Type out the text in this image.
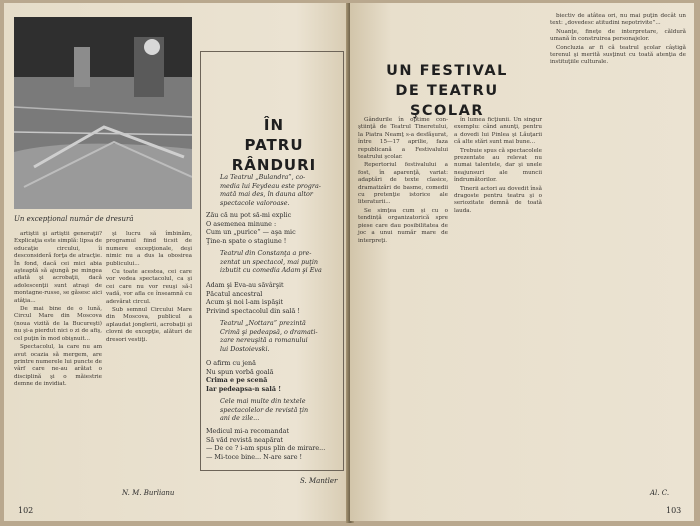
Un excepţional număr de dresură

artiştii şi artiştii generaţii? Explicaţia este simplă: lipsa de educaţie circului, îi desconsideră forţa de atracţie. În fond, dacă cei mici abia aşteaptă să ajungă pe mingea aflată şi acrobaţii, dacă adolescenţii sunt atraşi de montagne-russe, se găsesc aici atâţia...

De mai bine de o lună, Circul Mare din Moscova (noua vizită de la Bucureşti) nu şi-a pierdut nici o zi de afiş, cel puţin în mod obişnuit...

Spectacolul, la care nu am avut ocazia să mergem, are printre numerele lui puncte de vârf care ne-au arătat o disciplină şi o măiestrie demne de invidiat.

şi lucru să îmbinăm, programul fiind ticsit de numere excepţionale, deşi nimic nu a dus la obosirea publicului...

Cu toate acestea, cei care vor vedea spectacolul, ca şi cei care nu vor reuşi să-l vadă, vor afla ce înseamnă cu adevărat circul.

Sub semnul Circului Mare din Moscova, publicul a aplaudat jonglerii, acrobaţii şi clovni de excepţie, alături de dresori vestiţi.

N. M. Burlianu
102
ÎN
PATRU RÂNDURI
La Teatrul „Bulandra”, co-
media lui Feydeau este progra-
mată mai des, în dauna altor
spectacole valoroase.
Zău că nu pot să-mi explic
O asemenea minune :
Cum un „purice” — aşa mic
Ţine-n spate o stagiune !
Teatrul din Constanţa a pre-
zentat un spectacol, mai puţin
izbutit cu comedia Adam şi Eva
Adam şi Eva-au săvârşit
Păcatul ancestral
Acum şi noi l-am ispăşit
Privind spectacolul din sală !
Teatrul „Nottara” prezintă
Crimă şi pedeapsă, o dramati-
zare nereuşită a romanului
lui Dostoievski.
O afirm cu jenă
Nu spun vorbă goală
Crima e pe scenă
Iar pedeapsa-n sală !
Cele mai multe din textele
spectacolelor de revistă ţin
ani de zile...
Medicul mi-a recomandat
Să văd revistă neapărat
— De ce ? i-am spus plin de mirare...
— Mi-toce bine... N-are sare !
S. Mantler
UN FESTIVAL
DE TEATRU ŞCOLAR

Gândurile în optime con- ştiinţă de Teatrul Tineretului, la Piatra Neamţ s-a desfăşurat, între 15—17 aprilie, faza republicană a Festivalului teatrului şcolar.

Repertoriul festivalului a fost, în aparenţă, variat: adaptări de texte clasice, dramatizări de basme, comedii cu pretenţie istorice ale literaturii...

Se simţea cum și cu o tendință organizatorică spre piese care dau posibilitatea de joc a unui număr mare de interpreţi.

în lumea ficţiunii. Un singur exemplu: când anunţi, pentru a dovedi lui Pinlea şi Lăuţarii că alte stări sunt mai bune...

Trebuie spus că spectacolele prezentate au relevat nu numai talentele, dar şi unele neajunsuri ale muncii îndrumătorilor.

Tinerii actori au dovedit însă dragoste pentru teatru şi o seriozitate demnă de toată lauda.

biectiv de atâtea ori, nu mai puţin decât un text: „dovedesc atitudini nepotrivite”...

Nuanţe, fineţe de interpretare, căldură umană în construirea personajelor.

Concluzia ar fi că teatrul şcolar câştigă terenul şi merită susţinut cu toată atenţia de instituţiile culturale.

Al. C.
103
